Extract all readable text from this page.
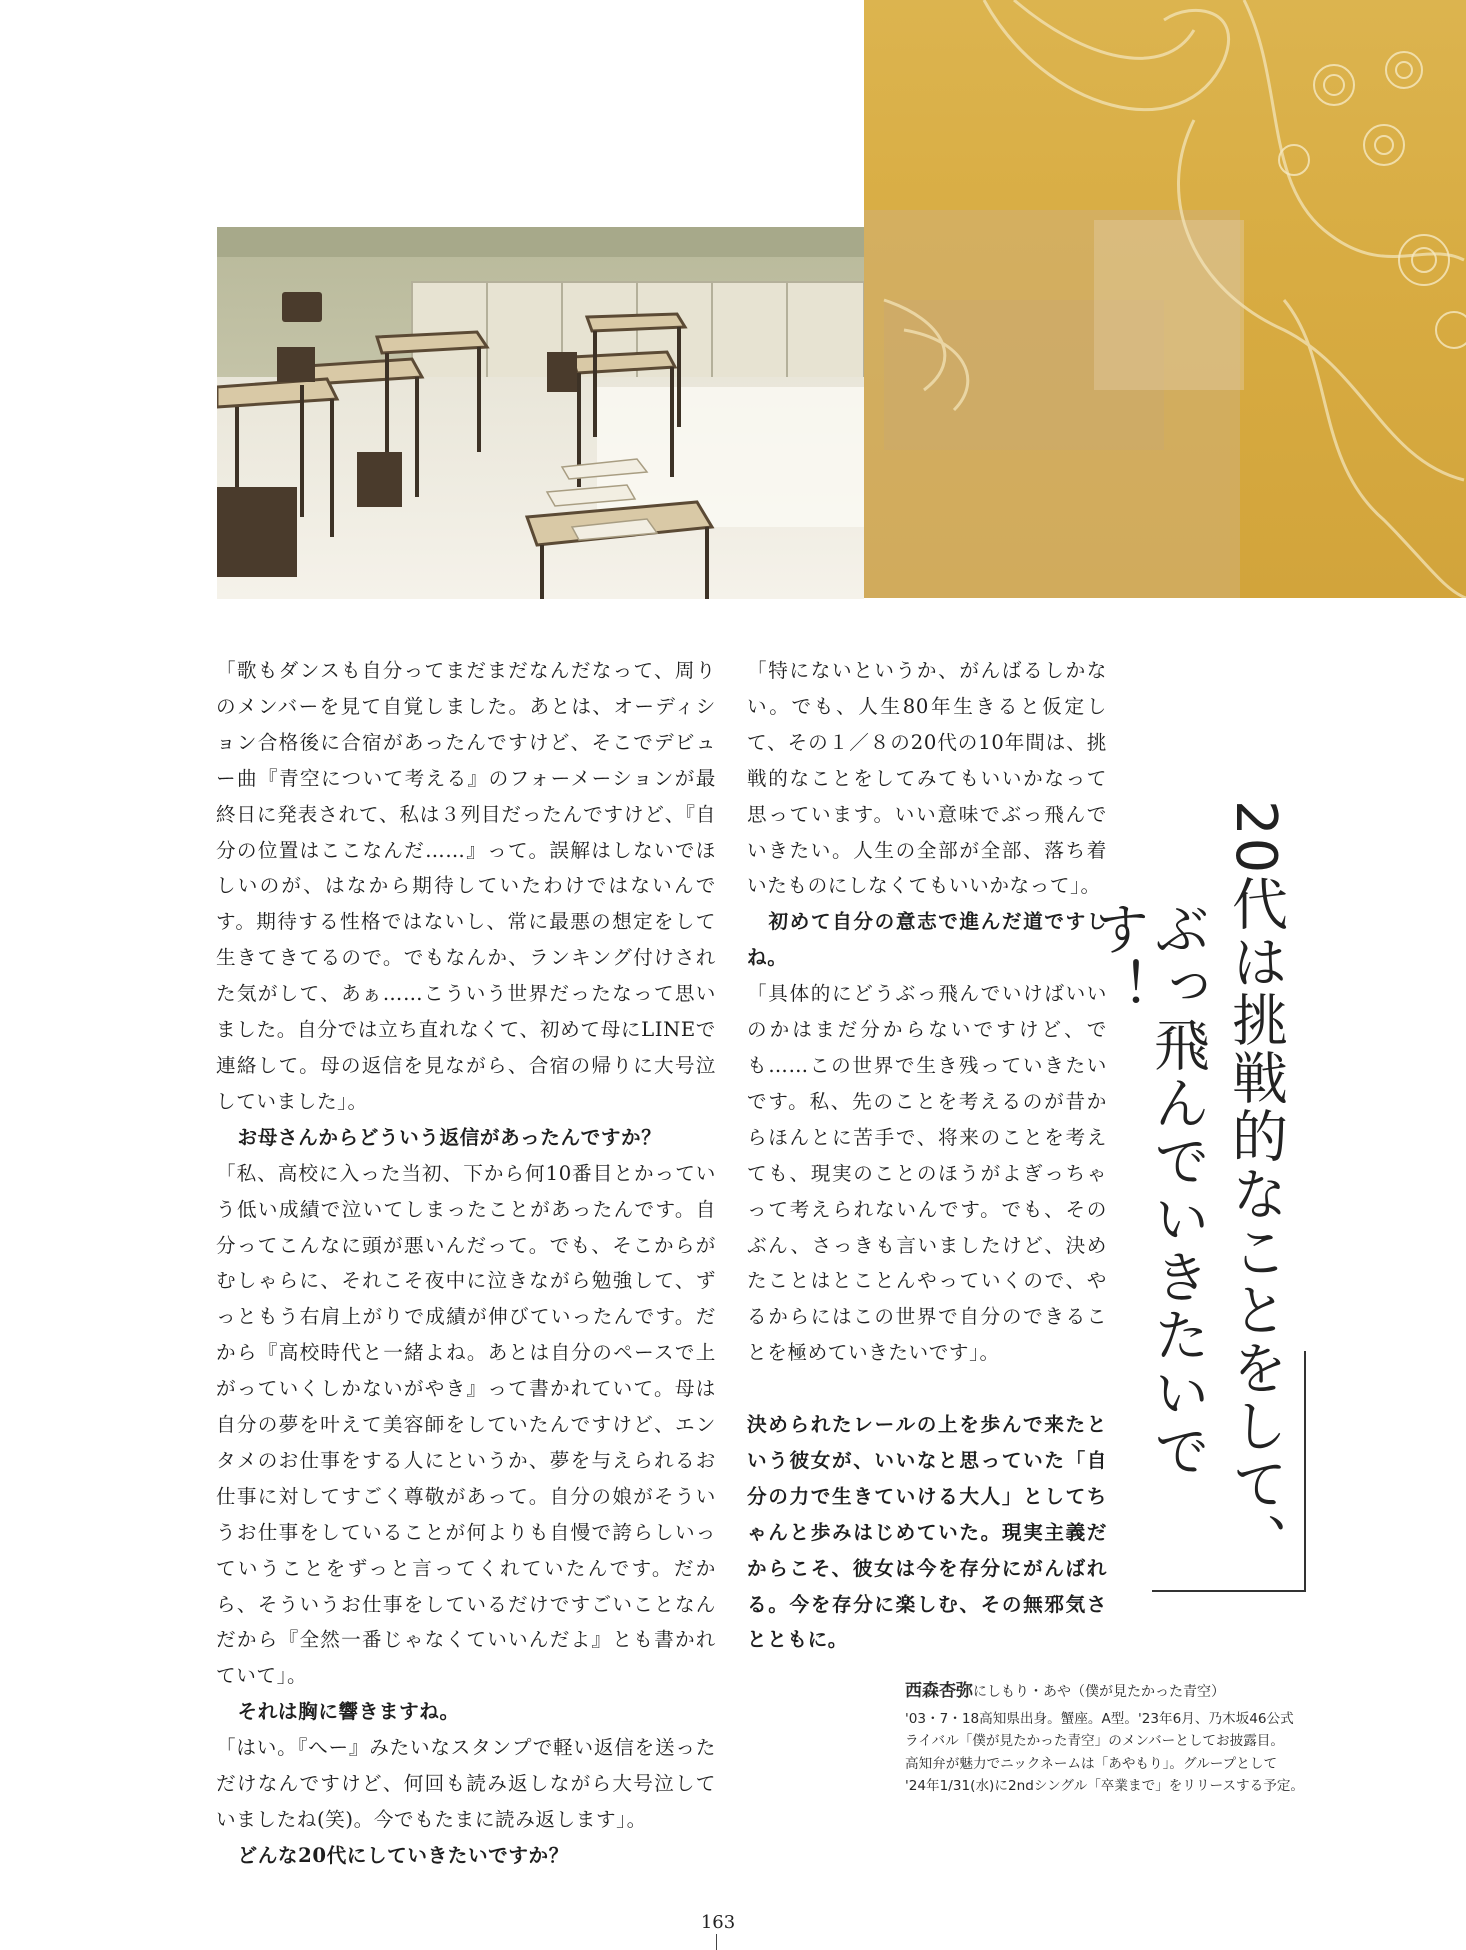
「歌もダンスも自分ってまだまだなんだなって、周りのメンバーを見て自覚しました。あとは、オーディション合格後に合宿があったんですけど、そこでデビュー曲『青空について考える』のフォーメーションが最終日に発表されて、私は３列目だったんですけど、『自分の位置はここなんだ……』って。誤解はしないでほしいのが、はなから期待していたわけではないんです。期待する性格ではないし、常に最悪の想定をして生きてきてるので。でもなんか、ランキング付けされた気がして、あぁ……こういう世界だったなって思いました。自分では立ち直れなくて、初めて母にLINEで連絡して。母の返信を見ながら、合宿の帰りに大号泣していました」。

お母さんからどういう返信があったんですか？

「私、高校に入った当初、下から何10番目とかっていう低い成績で泣いてしまったことがあったんです。自分ってこんなに頭が悪いんだって。でも、そこからがむしゃらに、それこそ夜中に泣きながら勉強して、ずっともう右肩上がりで成績が伸びていったんです。だから『高校時代と一緒よね。あとは自分のペースで上がっていくしかないがやき』って書かれていて。母は自分の夢を叶えて美容師をしていたんですけど、エンタメのお仕事をする人にというか、夢を与えられるお仕事に対してすごく尊敬があって。自分の娘がそういうお仕事をしていることが何よりも自慢で誇らしいっていうことをずっと言ってくれていたんです。だから、そういうお仕事をしているだけですごいことなんだから『全然一番じゃなくていいんだよ』とも書かれていて」。

それは胸に響きますね。

「はい。『へー』みたいなスタンプで軽い返信を送っただけなんですけど、何回も読み返しながら大号泣していましたね(笑)。今でもたまに読み返します」。

どんな20代にしていきたいですか？

「特にないというか、がんばるしかない。でも、人生80年生きると仮定して、その１／８の20代の10年間は、挑戦的なことをしてみてもいいかなって思っています。いい意味でぶっ飛んでいきたい。人生の全部が全部、落ち着いたものにしなくてもいいかなって」。

初めて自分の意志で進んだ道ですしね。

「具体的にどうぶっ飛んでいけばいいのかはまだ分からないですけど、でも……この世界で生き残っていきたいです。私、先のことを考えるのが昔からほんとに苦手で、将来のことを考えても、現実のことのほうがよぎっちゃって考えられないんです。でも、そのぶん、さっきも言いましたけど、決めたことはとことんやっていくので、やるからにはこの世界で自分のできることを極めていきたいです」。

決められたレールの上を歩んで来たという彼女が、いいなと思っていた「自分の力で生きていける大人」としてちゃんと歩みはじめていた。現実主義だからこそ、彼女は今を存分にがんばれる。今を存分に楽しむ、その無邪気さとともに。

20代は挑戦的なことをして、
ぶっ飛んでいきたいです！
西森杏弥にしもり・あや（僕が見たかった青空）

'03・7・18高知県出身。蟹座。A型。'23年6月、乃木坂46公式

ライバル「僕が見たかった青空」のメンバーとしてお披露目。

高知弁が魅力でニックネームは「あやもり」。グループとして

'24年1/31(水)に2ndシングル「卒業まで」をリリースする予定。

163
